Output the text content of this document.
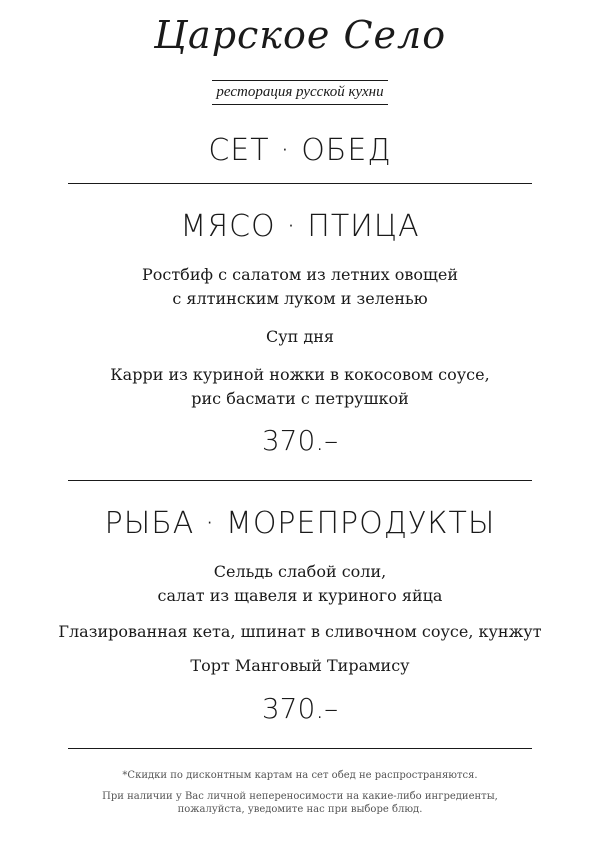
Царское Село
ресторация русской кухни
СЕТ · ОБЕД
МЯСО · ПТИЦА
Ростбиф с салатом из летних овощей
с ялтинским луком и зеленью
Суп дня
Карри из куриной ножки в кокосовом соусе,
рис басмати с петрушкой
370.–
РЫБА · МОРЕПРОДУКТЫ
Сельдь слабой соли,
салат из щавеля и куриного яйца
Глазированная кета, шпинат в сливочном соусе, кунжут
Торт Манговый Тирамису
370.–
*Скидки по дисконтным картам на сет обед не распространяются.
При наличии у Вас личной непереносимости на какие-либо ингредиенты,
пожалуйста, уведомите нас при выборе блюд.
